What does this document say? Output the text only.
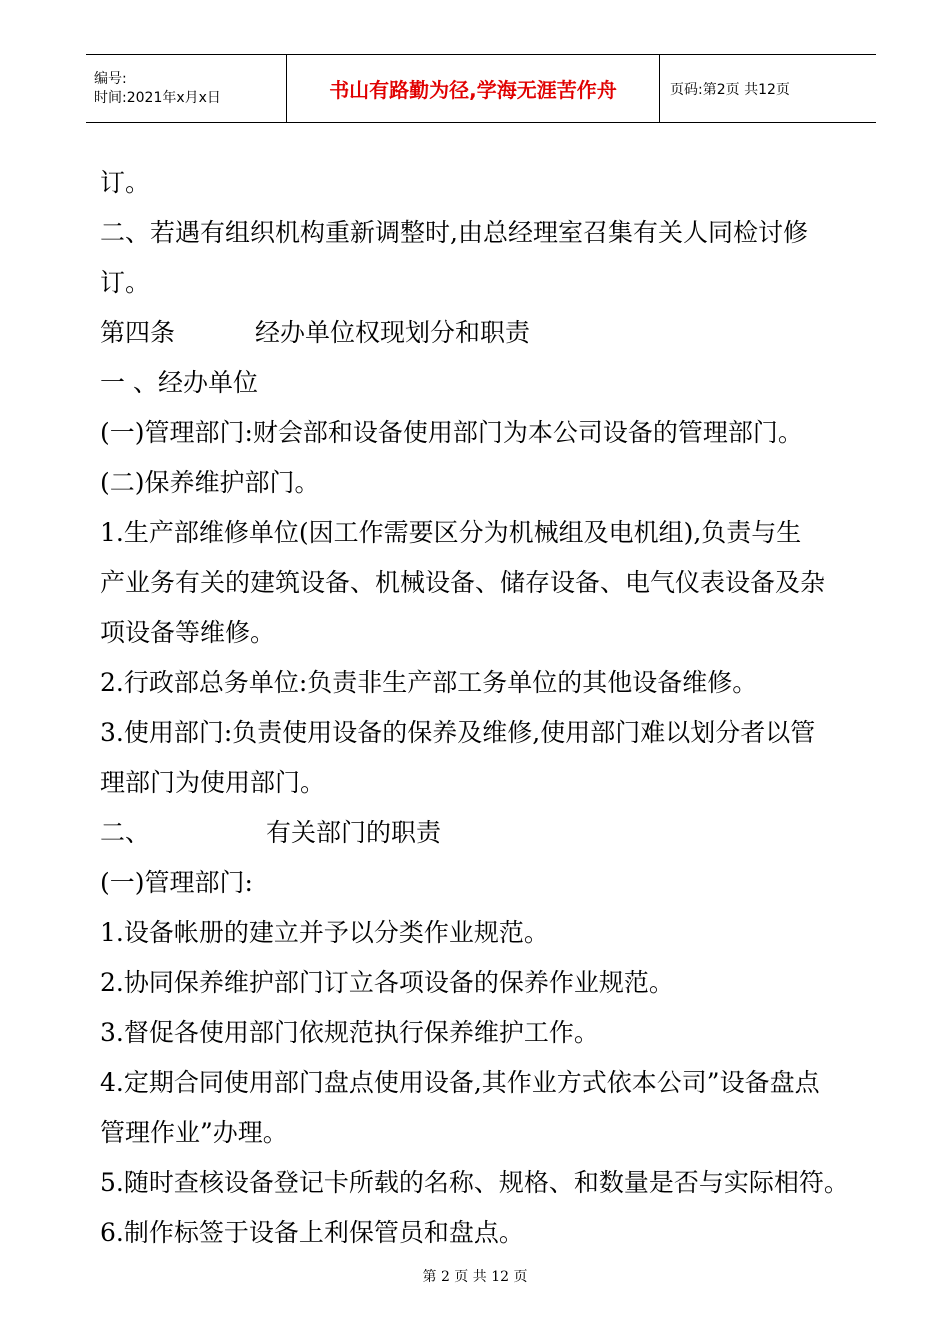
编号:
时间:2021年x月x日	书山有路勤为径,学海无涯苦作舟	页码:第2页 共12页
订。
二、若遇有组织机构重新调整时,由总经理室召集有关人同检讨修
订。
第四条	经办单位权现划分和职责
一 、经办单位
(一)管理部门:财会部和设备使用部门为本公司设备的管理部门。
(二)保养维护部门。
1.生产部维修单位(因工作需要区分为机械组及电机组),负责与生
产业务有关的建筑设备、机械设备、储存设备、电气仪表设备及杂
项设备等维修。
2.行政部总务单位:负责非生产部工务单位的其他设备维修。
3.使用部门:负责使用设备的保养及维修,使用部门难以划分者以管
理部门为使用部门。
二、	有关部门的职责
(一)管理部门:
1.设备帐册的建立并予以分类作业规范。
2.协同保养维护部门订立各项设备的保养作业规范。
3.督促各使用部门依规范执行保养维护工作。
4.定期合同使用部门盘点使用设备,其作业方式依本公司”设备盘点
管理作业”办理。
5.随时查核设备登记卡所载的名称、规格、和数量是否与实际相符。
6.制作标签于设备上利保管员和盘点。
第 2 页 共 12 页
